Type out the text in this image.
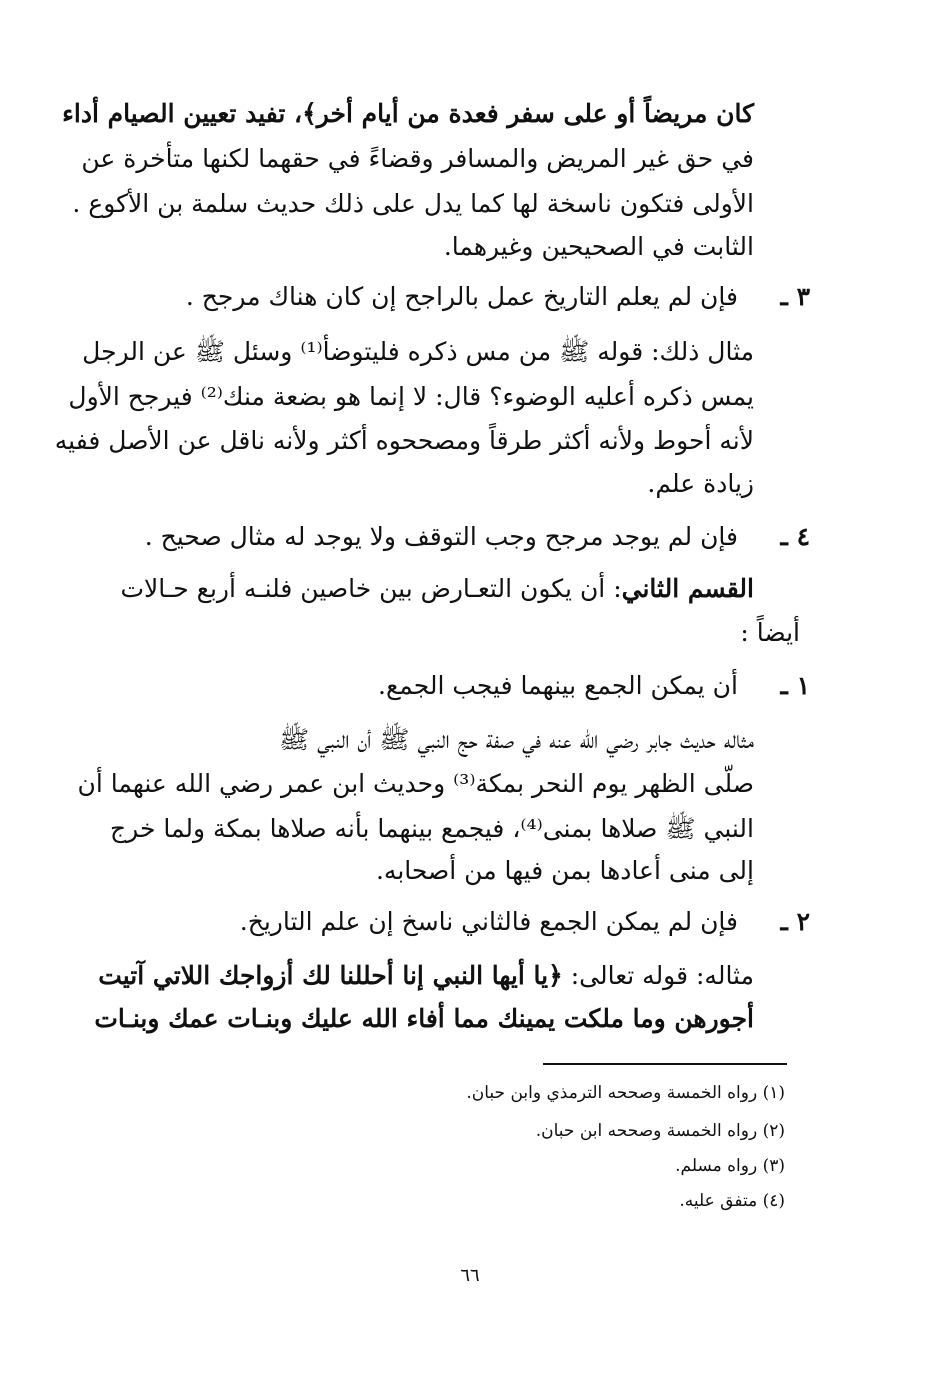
كان مريضاً أو على سفر فعدة من أيام أخر﴾، تفيد تعيين الصيام أداء
في حق غير المريض والمسافر وقضاءً في حقهما لكنها متأخرة عن
الأولى فتكون ناسخة لها كما يدل على ذلك حديث سلمة بن الأكوع .
الثابت في الصحيحين وغيرهما.
٣ ـ
فإن لم يعلم التاريخ عمل بالراجح إن كان هناك مرجح .
مثال ذلك: قوله ﷺ من مس ذكره فليتوضأ⁽¹⁾ وسئل ﷺ عن الرجل
يمس ذكره أعليه الوضوء؟ قال: لا إنما هو بضعة منك⁽²⁾ فيرجح الأول
لأنه أحوط ولأنه أكثر طرقاً ومصححوه أكثر ولأنه ناقل عن الأصل ففيه
زيادة علم.
٤ ـ
فإن لم يوجد مرجح وجب التوقف ولا يوجد له مثال صحيح .
القسم الثاني: أن يكون التعـارض بين خاصين فلنـه أربع حـالات
أيضاً :
١ ـ
أن يمكن الجمع بينهما فيجب الجمع.
مثاله حديث جابر رضي الله عنه في صفة حج النبي ﷺ أن النبي ﷺ
صلّى الظهر يوم النحر بمكة⁽³⁾ وحديث ابن عمر رضي الله عنهما أن
النبي ﷺ صلاها بمنى⁽⁴⁾، فيجمع بينهما بأنه صلاها بمكة ولما خرج
إلى منى أعادها بمن فيها من أصحابه.
٢ ـ
فإن لم يمكن الجمع فالثاني ناسخ إن علم التاريخ.
مثاله: قوله تعالى: ﴿يا أيها النبي إنا أحللنا لك أزواجك اللاتي آتيت
أجورهن وما ملكت يمينك مما أفاء الله عليك وبنـات عمك وبنـات
(١) رواه الخمسة وصححه الترمذي وابن حبان.
(٢) رواه الخمسة وصححه ابن حبان.
(٣) رواه مسلم.
(٤) متفق عليه.
٦٦
